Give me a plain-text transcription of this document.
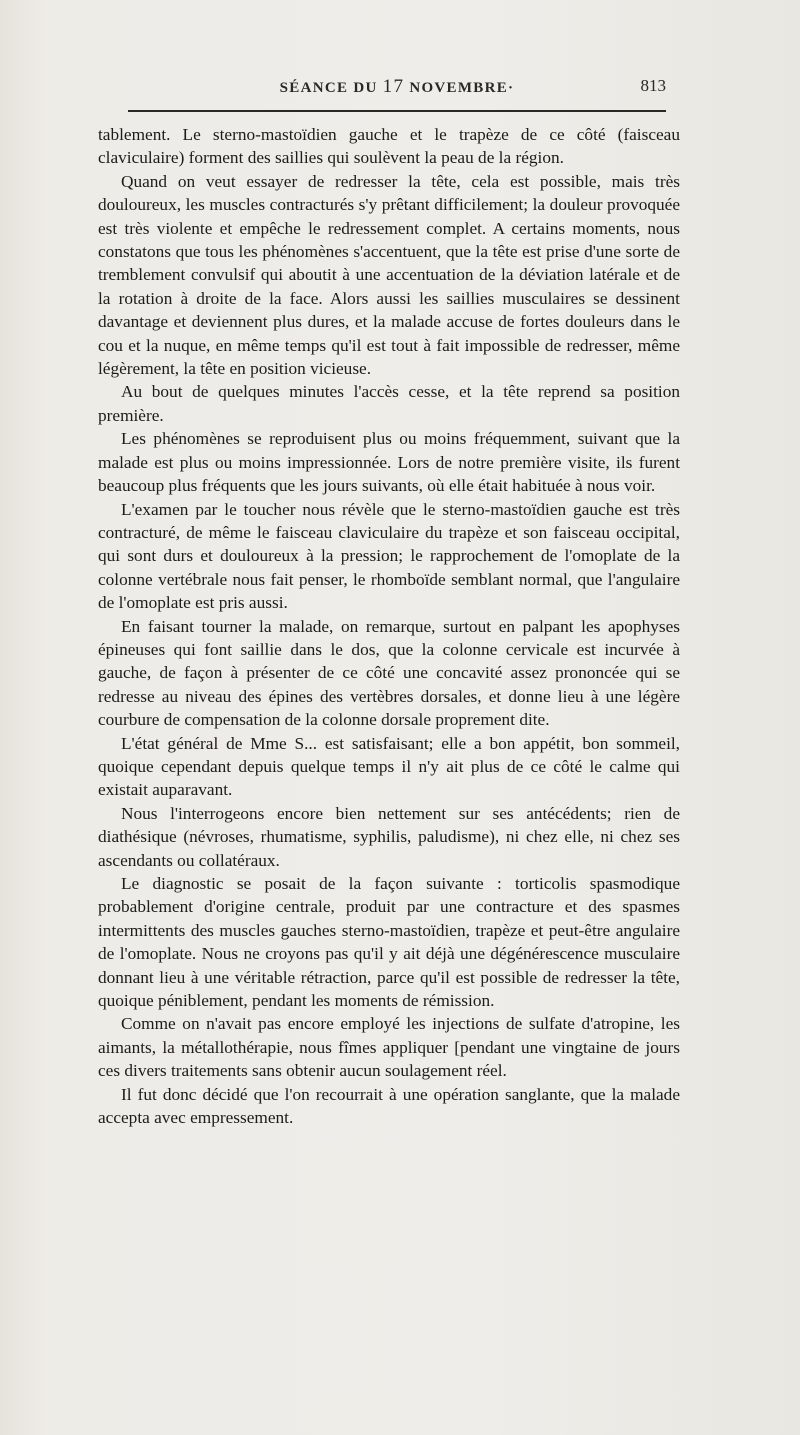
SÉANCE DU 17 NOVEMBRE·	813

tablement. Le sterno-mastoïdien gauche et le trapèze de ce côté (faisceau claviculaire) forment des saillies qui soulèvent la peau de la région.

Quand on veut essayer de redresser la tête, cela est possible, mais très douloureux, les muscles contracturés s'y prêtant difficilement; la douleur provoquée est très violente et empêche le redressement complet. A certains moments, nous constatons que tous les phénomènes s'accentuent, que la tête est prise d'une sorte de tremblement convulsif qui aboutit à une accentuation de la déviation latérale et de la rotation à droite de la face. Alors aussi les saillies musculaires se dessinent davantage et deviennent plus dures, et la malade accuse de fortes douleurs dans le cou et la nuque, en même temps qu'il est tout à fait impossible de redresser, même légèrement, la tête en position vicieuse.

Au bout de quelques minutes l'accès cesse, et la tête reprend sa position première.

Les phénomènes se reproduisent plus ou moins fréquemment, suivant que la malade est plus ou moins impressionnée. Lors de notre première visite, ils furent beaucoup plus fréquents que les jours suivants, où elle était habituée à nous voir.

L'examen par le toucher nous révèle que le sterno-mastoïdien gauche est très contracturé, de même le faisceau claviculaire du trapèze et son faisceau occipital, qui sont durs et douloureux à la pression; le rapprochement de l'omoplate de la colonne vertébrale nous fait penser, le rhomboïde semblant normal, que l'angulaire de l'omoplate est pris aussi.

En faisant tourner la malade, on remarque, surtout en palpant les apophyses épineuses qui font saillie dans le dos, que la colonne cervicale est incurvée à gauche, de façon à présenter de ce côté une concavité assez prononcée qui se redresse au niveau des épines des vertèbres dorsales, et donne lieu à une légère courbure de compensation de la colonne dorsale proprement dite.

L'état général de Mme S... est satisfaisant; elle a bon appétit, bon sommeil, quoique cependant depuis quelque temps il n'y ait plus de ce côté le calme qui existait auparavant.

Nous l'interrogeons encore bien nettement sur ses antécédents; rien de diathésique (névroses, rhumatisme, syphilis, paludisme), ni chez elle, ni chez ses ascendants ou collatéraux.

Le diagnostic se posait de la façon suivante : torticolis spasmodique probablement d'origine centrale, produit par une contracture et des spasmes intermittents des muscles gauches sterno-mastoïdien, trapèze et peut-être angulaire de l'omoplate. Nous ne croyons pas qu'il y ait déjà une dégénérescence musculaire donnant lieu à une véritable rétraction, parce qu'il est possible de redresser la tête, quoique péniblement, pendant les moments de rémission.

Comme on n'avait pas encore employé les injections de sulfate d'atropine, les aimants, la métallothérapie, nous fîmes appliquer [pendant une vingtaine de jours ces divers traitements sans obtenir aucun soulagement réel.

Il fut donc décidé que l'on recourrait à une opération sanglante, que la malade accepta avec empressement.
